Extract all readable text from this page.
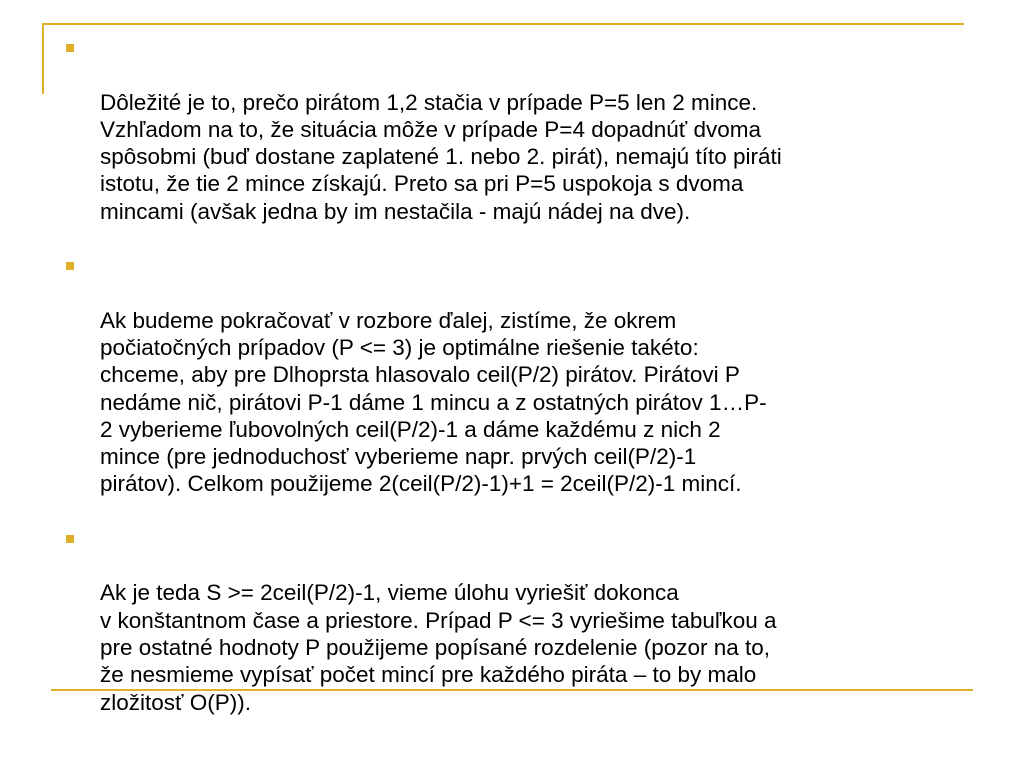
Dôležité je to, prečo pirátom 1,2 stačia v prípade P=5 len 2 mince.
Vzhľadom na to, že situácia môže v prípade P=4 dopadnúť dvoma
spôsobmi (buď dostane zaplatené 1. nebo 2. pirát), nemajú títo piráti
istotu, že tie 2 mince získajú. Preto sa pri P=5 uspokoja s dvoma
mincami (avšak jedna by im nestačila - majú nádej na dve).

Ak budeme pokračovať v rozbore ďalej, zistíme, že okrem
počiatočných prípadov (P <= 3) je optimálne riešenie takéto:
chceme, aby pre Dlhoprsta hlasovalo ceil(P/2) pirátov. Pirátovi P
nedáme nič, pirátovi P-1 dáme 1 mincu a z ostatných pirátov 1…P-
2 vyberieme ľubovolných ceil(P/2)-1 a dáme každému z nich 2
mince (pre jednoduchosť vyberieme napr. prvých ceil(P/2)-1
pirátov). Celkom použijeme 2(ceil(P/2)-1)+1 = 2ceil(P/2)-1 mincí.

Ak je teda S >= 2ceil(P/2)-1, vieme úlohu vyriešiť dokonca
v konštantnom čase a priestore. Prípad P <= 3 vyriešime tabuľkou a
pre ostatné hodnoty P použijeme popísané rozdelenie (pozor na to,
že nesmieme vypísať počet mincí pre každého piráta – to by malo
zložitosť O(P)).
